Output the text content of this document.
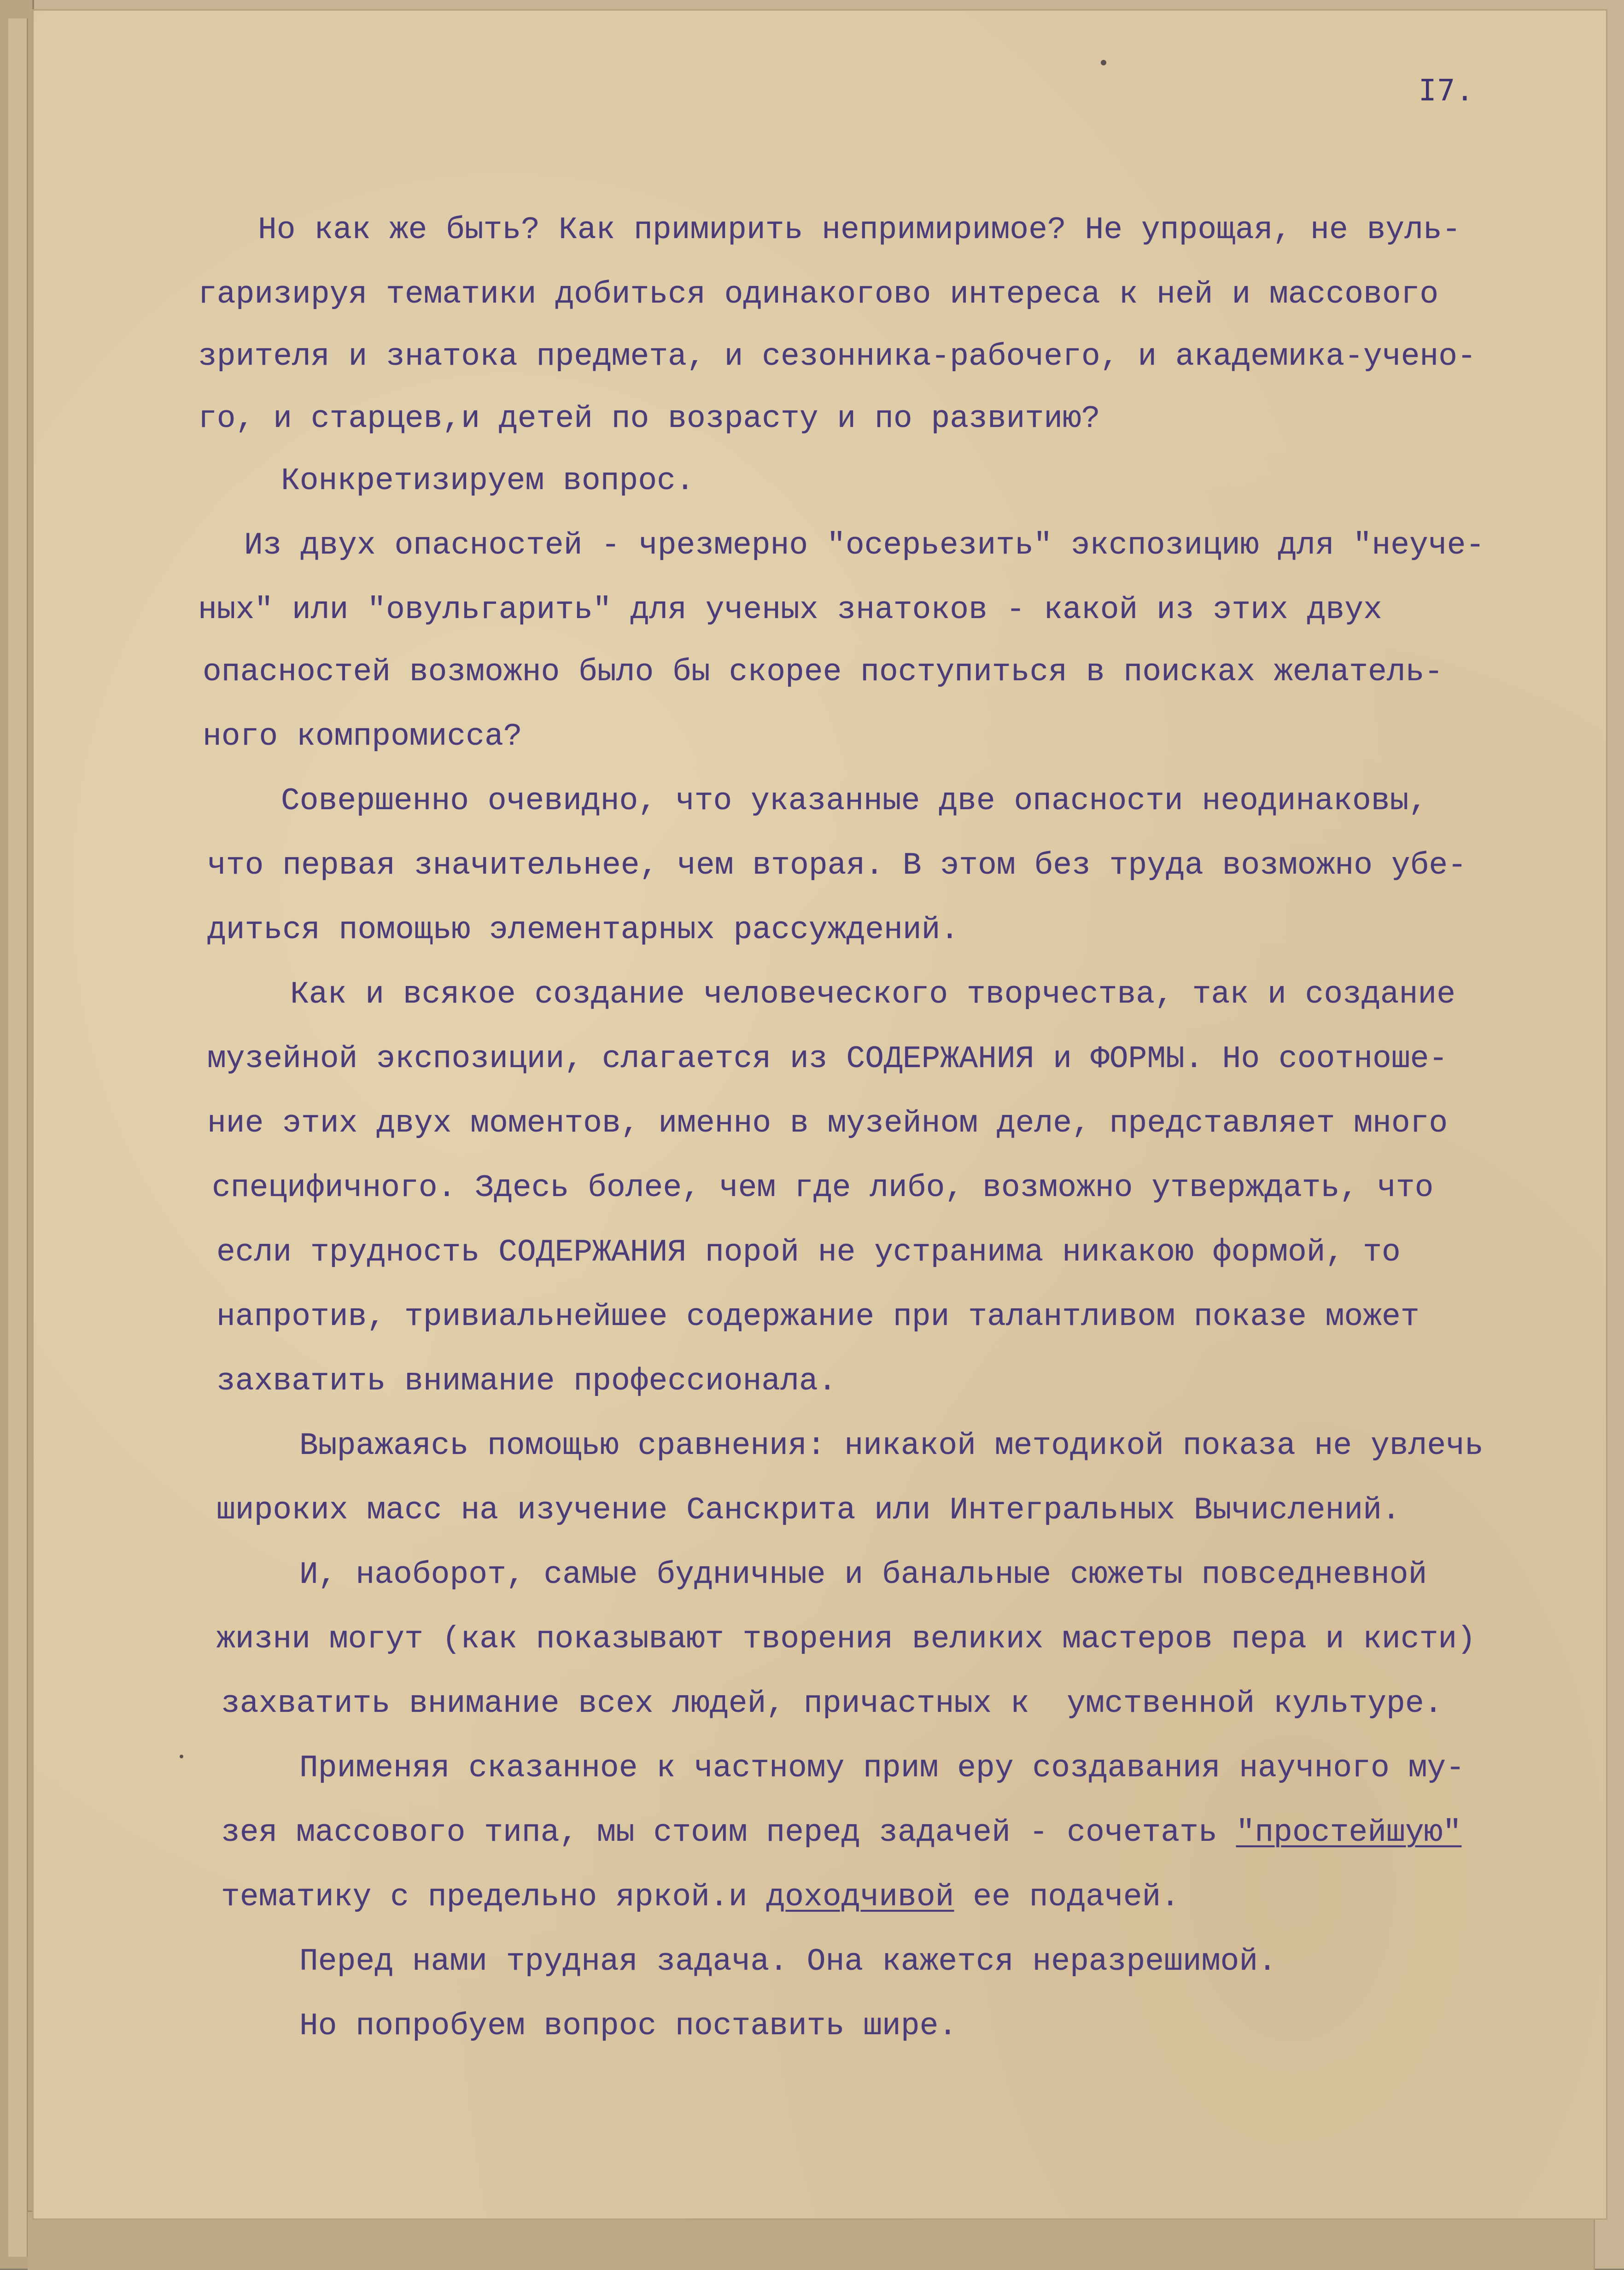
I7.
Но как же быть? Как примирить непримиримое? Не упрощая, не вуль-
гаризируя тематики добиться одинакогово интереса к ней и массового
зрителя и знатока предмета, и сезонника-рабочего, и академика-учено-
го, и старцев,и детей по возрасту и по развитию?
Конкретизируем вопрос.
Из двух опасностей - чрезмерно "осерьезить" экспозицию для "неуче-
ных" или "овульгарить" для ученых знатоков - какой из этих двух
опасностей возможно было бы скорее поступиться в поисках желатель-
ного компромисса?
Совершенно очевидно, что указанные две опасности неодинаковы,
что первая значительнее, чем вторая. В этом без труда возможно убе-
диться помощью элементарных рассуждений.
Как и всякое создание человеческого творчества, так и создание
музейной экспозиции, слагается из СОДЕРЖАНИЯ и ФОРМЫ. Но соотноше-
ние этих двух моментов, именно в музейном деле, представляет много
специфичного. Здесь более, чем где либо, возможно утверждать, что
если трудность СОДЕРЖАНИЯ порой не устранима никакою формой, то
напротив, тривиальнейшее содержание при талантливом показе может
захватить внимание профессионала.
Выражаясь помощью сравнения: никакой методикой показа не увлечь
широких масс на изучение Санскрита или Интегральных Вычислений.
И, наоборот, самые будничные и банальные сюжеты повседневной
жизни могут (как показывают творения великих мастеров пера и кисти)
захватить внимание всех людей, причастных к  умственной культуре.
Применяя сказанное к частному прим еру создавания научного му-
зея массового типа, мы стоим перед задачей - сочетать "простейшую"
тематику с предельно яркой.и доходчивой ее подачей.
Перед нами трудная задача. Она кажется неразрешимой.
Но попробуем вопрос поставить шире.
